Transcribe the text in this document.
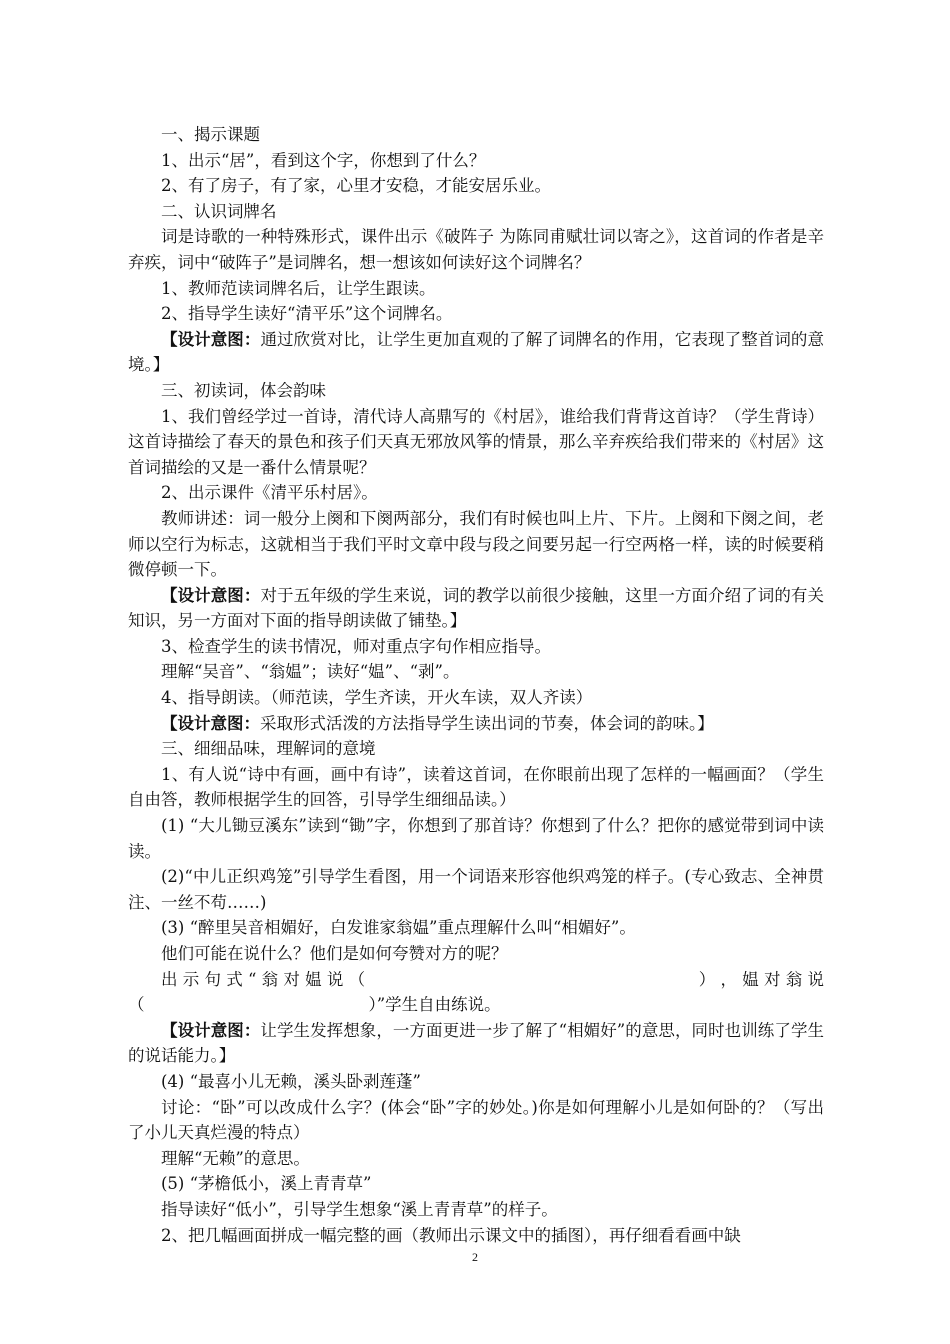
一、揭示课题
1、出示“居”，看到这个字，你想到了什么？
2、有了房子，有了家，心里才安稳，才能安居乐业。
二、认识词牌名
词是诗歌的一种特殊形式，课件出示《破阵子 为陈同甫赋壮词以寄之》，这首词的作者是辛弃疾，词中“破阵子”是词牌名，想一想该如何读好这个词牌名？
1、教师范读词牌名后，让学生跟读。
2、指导学生读好“清平乐”这个词牌名。
【设计意图：通过欣赏对比，让学生更加直观的了解了词牌名的作用，它表现了整首词的意境。】
三、初读词，体会韵味
1、我们曾经学过一首诗，清代诗人高鼎写的《村居》，谁给我们背背这首诗？（学生背诗）这首诗描绘了春天的景色和孩子们天真无邪放风筝的情景，那么辛弃疾给我们带来的《村居》这首词描绘的又是一番什么情景呢？
2、出示课件《清平乐村居》。
教师讲述：词一般分上阕和下阕两部分，我们有时候也叫上片、下片。上阕和下阕之间，老师以空行为标志，这就相当于我们平时文章中段与段之间要另起一行空两格一样，读的时候要稍微停顿一下。
【设计意图：对于五年级的学生来说，词的教学以前很少接触，这里一方面介绍了词的有关知识，另一方面对下面的指导朗读做了铺垫。】
3、检查学生的读书情况，师对重点字句作相应指导。
理解“吴音”、“翁媪”；读好“媪”、“剥”。
4、指导朗读。（师范读，学生齐读，开火车读，双人齐读）
【设计意图：采取形式活泼的方法指导学生读出词的节奏，体会词的韵味。】
三、细细品味，理解词的意境
1、有人说“诗中有画，画中有诗”，读着这首词，在你眼前出现了怎样的一幅画面？（学生自由答，教师根据学生的回答，引导学生细细品读。）
(1) “大儿锄豆溪东”读到“锄”字，你想到了那首诗？你想到了什么？把你的感觉带到词中读读。
(2)“中儿正织鸡笼”引导学生看图，用一个词语来形容他织鸡笼的样子。(专心致志、全神贯注、一丝不苟……)
(3) “醉里吴音相媚好，白发谁家翁媪”重点理解什么叫“相媚好”。
他们可能在说什么？他们是如何夸赞对方的呢？
出 示 句 式 “ 翁 对 媪 说 （	） ， 媪 对 翁 说
（	）”学生自由练说。
【设计意图：让学生发挥想象，一方面更进一步了解了“相媚好”的意思，同时也训练了学生的说话能力。】
(4) “最喜小儿无赖，溪头卧剥莲蓬”
讨论：“卧”可以改成什么字？(体会“卧”字的妙处。)你是如何理解小儿是如何卧的？（写出了小儿天真烂漫的特点）
理解“无赖”的意思。
(5) “茅檐低小，溪上青青草”
指导读好“低小”，引导学生想象“溪上青青草”的样子。
2、把几幅画面拼成一幅完整的画（教师出示课文中的插图），再仔细看看画中缺
2
